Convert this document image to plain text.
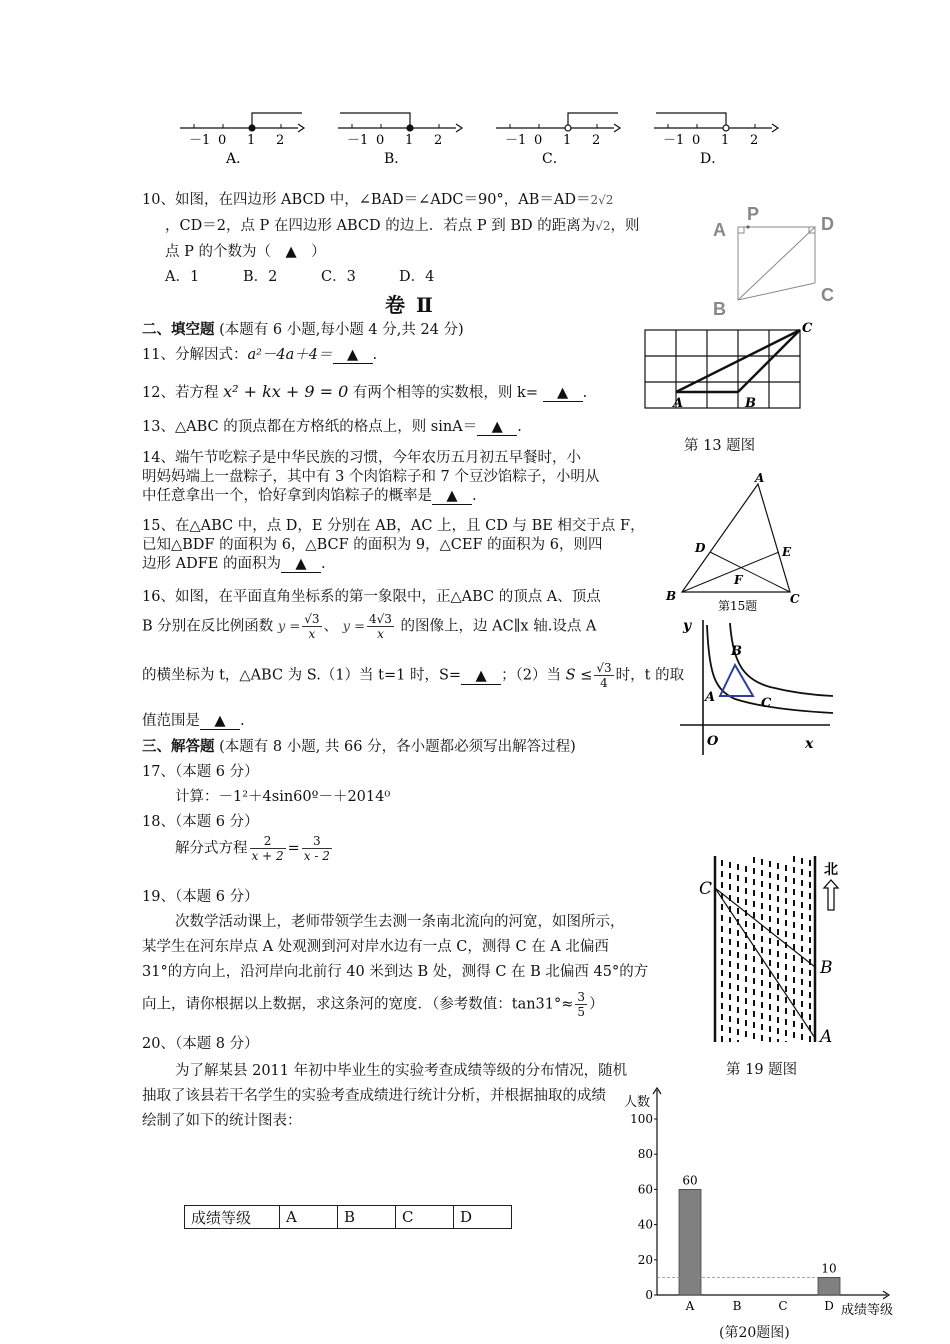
－1 0 1 2
A．
－1 0 1 2
B．
－1 0 1 2
C．
－1 0 1 2
D．
10、如图，在四边形 ABCD 中，∠BAD＝∠ADC＝90°，AB＝AD＝2√2
，CD＝2，点 P 在四边形 ABCD 的边上．若点 P 到 BD 的距离为√2，则
点 P 的个数为（　▲　）
A．1	B．2	C．3	D．4
A
P	D
B
C
卷 Ⅱ
二、填空题 (本题有 6 小题,每小题 4 分,共 24 分)
11、分解因式：a²－4a＋4＝ ▲ .
12、若方程 x² + kx + 9 = 0 有两个相等的实数根，则 k= ▲ .
13、△ABC 的顶点都在方格纸的格点上，则 sinA＝ ▲ .
A	B
C
第 13 题图
14、端午节吃粽子是中华民族的习惯，今年农历五月初五早餐时，小
明妈妈端上一盘粽子，其中有 3 个肉馅粽子和 7 个豆沙馅粽子，小明从
中任意拿出一个，恰好拿到肉馅粽子的概率是 ▲ .
15、在△ABC 中，点 D，E 分别在 AB，AC 上，且 CD 与 BE 相交于点 F，
已知△BDF 的面积为 6，△BCF 的面积为 9，△CEF 的面积为 6，则四
边形 ADFE 的面积为 ▲ .
A
B	C
D	E
F
第15题
16、如图，在平面直角坐标系的第一象限中，正△ABC 的顶点 A、顶点
B 分别在反比例函数 $y = \frac{√3}{x}$ 、 $y = \frac{4√3}{x}$ 的图像上，边 AC∥x 轴.设点 A
的横坐标为 t，△ABC 为 S.（1）当 t=1 时，S= ▲ ；（2）当 $S \le \frac{√3}{4}$ 时，t 的取
值范围是 ▲ .
y
x
O
A
B
C
三、解答题 (本题有 8 小题, 共 66 分，各小题都必须写出解答过程)
17、（本题 6 分）
计算：－1²＋4sin60º－＋2014⁰
18、（本题 6 分）
解分式方程 $\frac{2}{x + 2} = \frac{3}{x - 2}$
19、（本题 6 分）
次数学活动课上，老师带领学生去测一条南北流向的河宽，如图所示，
某学生在河东岸点 A 处观测到河对岸水边有一点 C，测得 C 在 A 北偏西
31°的方向上，沿河岸向北前行 40 米到达 B 处，测得 C 在 B 北偏西 45°的方
向上，请你根据以上数据，求这条河的宽度．（参考数值：$\tan 31^\circ\approx \frac{3}{5}$ ）
C
B
A
北
第 19 题图
20、（本题 8 分）
为了解某县 2011 年初中毕业生的实验考查成绩等级的分布情况，随机
抽取了该县若干名学生的实验考查成绩进行统计分析，并根据抽取的成绩
绘制了如下的统计图表：
成绩等级	A	B	C	D
人数
成绩等级
0
20
40
60
80
100
A
60
B	C	D
10
(第20题图)
